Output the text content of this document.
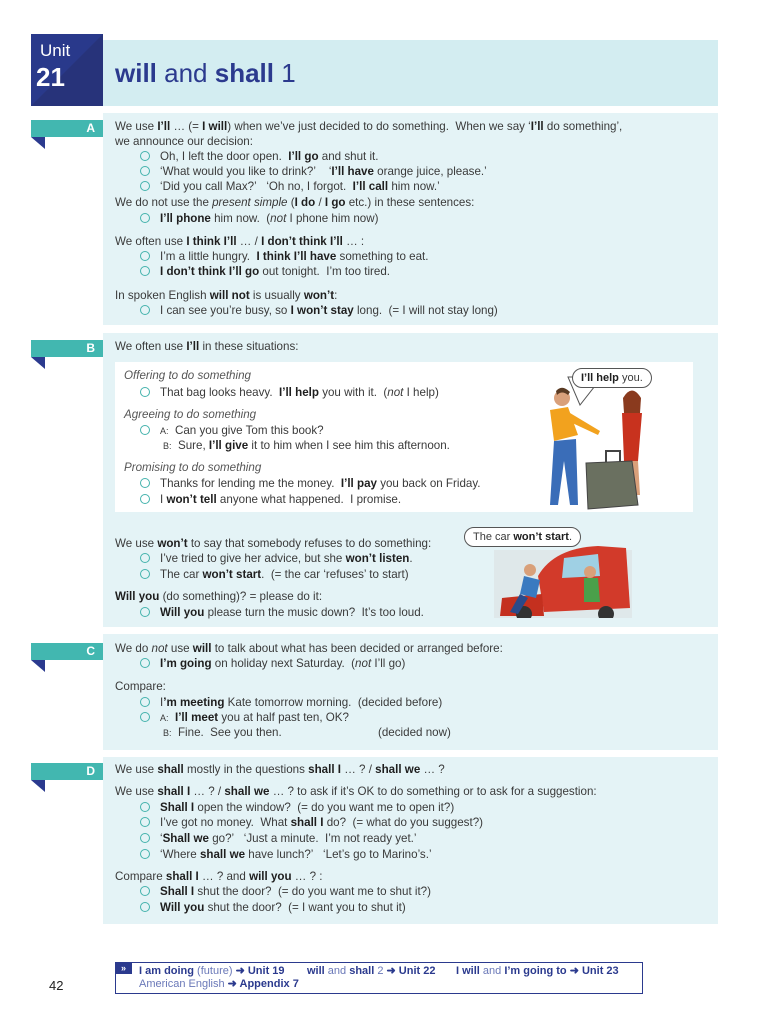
Unit
21 will and shall 1
A	We use I’ll … (= I will) when we’ve just decided to do something.  When we say ‘I’ll do something’,
we announce our decision:
Oh, I left the door open.  I’ll go and shut it.
‘What would you like to drink?’    ‘I’ll have orange juice, please.’
‘Did you call Max?’   ‘Oh no, I forgot.  I’ll call him now.’
We do not use the present simple (I do / I go etc.) in these sentences:
I’ll phone him now.  (not I phone him now)
We often use I think I’ll … / I don’t think I’ll … :
I’m a little hungry.  I think I’ll have something to eat.
I don’t think I’ll go out tonight.  I’m too tired.
In spoken English will not is usually won’t:
I can see you’re busy, so I won’t stay long.  (= I will not stay long)
B	We often use I’ll in these situations:
Offering to do something
That bag looks heavy.  I’ll help you with it.  (not I help)
Agreeing to do something
A:  Can you give Tom this book?
B:  Sure, I’ll give it to him when I see him this afternoon.
Promising to do something
Thanks for lending me the money.  I’ll pay you back on Friday.
I won’t tell anyone what happened.  I promise.
I’ll help you.
We use won’t to say that somebody refuses to do something:
I’ve tried to give her advice, but she won’t listen.
The car won’t start.  (= the car ‘refuses’ to start)
Will you (do something)? = please do it:
Will you please turn the music down?  It’s too loud.
The car won’t start.
C	We do not use will to talk about what has been decided or arranged before:
I’m going on holiday next Saturday.  (not I’ll go)
Compare:
I’m meeting Kate tomorrow morning.  (decided before)
A: I’ll meet you at half past ten, OK?
B:  Fine.  See you then.	(decided now)
D	We use shall mostly in the questions shall I … ? / shall we … ?
We use shall I … ? / shall we … ? to ask if it’s OK to do something or to ask for a suggestion:
Shall I open the window?  (= do you want me to open it?)
I’ve got no money.  What shall I do?  (= what do you suggest?)
‘Shall we go?’   ‘Just a minute.  I’m not ready yet.’
‘Where shall we have lunch?’   ‘Let’s go to Marino’s.’
Compare shall I … ? and will you … ? :
Shall I shut the door?  (= do you want me to shut it?)
Will you shut the door?  (= I want you to shut it)
»	I am doing (future) ➜ Unit 19 will and shall 2 ➜ Unit 22 I will and I’m going to ➜ Unit 23
American English ➜ Appendix 7
42
